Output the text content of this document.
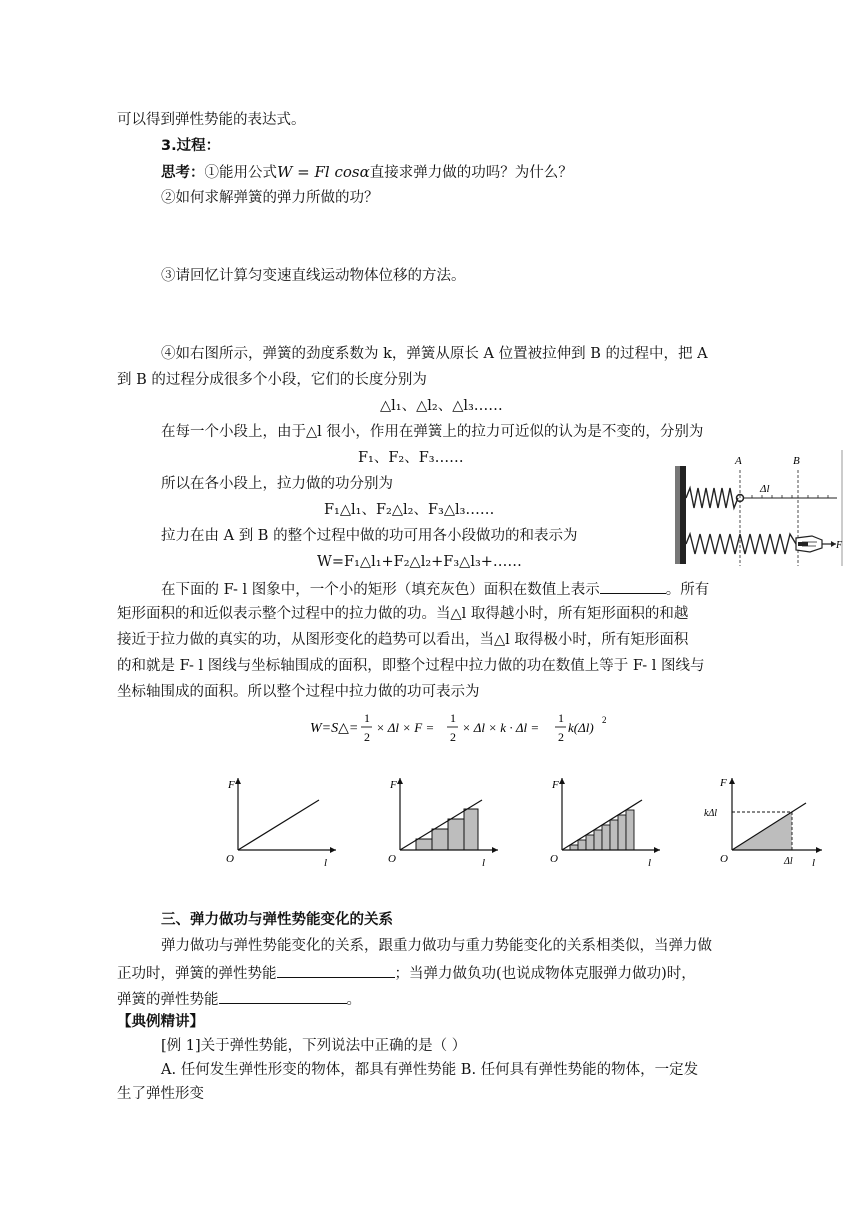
可以得到弹性势能的表达式。
3.过程：
思考：①能用公式W = Fl cosα直接求弹力做的功吗？为什么？
②如何求解弹簧的弹力所做的功？
③请回忆计算匀变速直线运动物体位移的方法。
④如右图所示，弹簧的劲度系数为 k，弹簧从原长 A 位置被拉伸到 B 的过程中，把 A
到 B 的过程分成很多个小段，它们的长度分别为
△l₁、△l₂、△l₃……
在每一个小段上，由于△l 很小，作用在弹簧上的拉力可近似的认为是不变的，分别为
F₁、F₂、F₃……
所以在各小段上，拉力做的功分别为
F₁△l₁、F₂△l₂、F₃△l₃……
拉力在由 A 到 B 的整个过程中做的功可用各小段做功的和表示为
W=F₁△l₁+F₂△l₂+F₃△l₃+……
A	B
Δl
F
在下面的 F- l 图象中，一个小的矩形（填充灰色）面积在数值上表示	。所有
矩形面积的和近似表示整个过程中的拉力做的功。当△l 取得越小时，所有矩形面积的和越
接近于拉力做的真实的功，从图形变化的趋势可以看出，当△l 取得极小时，所有矩形面积
的和就是 F- l 图线与坐标轴围成的面积，即整个过程中拉力做的功在数值上等于 F- l 图线与
坐标轴围成的面积。所以整个过程中拉力做的功可表示为
W=S△=
1
2
× Δl × F =
1
2
× Δl × k · Δl =
1
2
k(Δl) 2
F
O	l
F
O	l
F
O	l
F
kΔl
O	Δl l
三、弹力做功与弹性势能变化的关系
弹力做功与弹性势能变化的关系，跟重力做功与重力势能变化的关系相类似，当弹力做
正功时，弹簧的弹性势能	；当弹力做负功(也说成物体克服弹力做功)时，
弹簧的弹性势能	。
【典例精讲】
[例 1]关于弹性势能，下列说法中正确的是（ ）
A. 任何发生弹性形变的物体，都具有弹性势能 B. 任何具有弹性势能的物体，一定发
生了弹性形变
